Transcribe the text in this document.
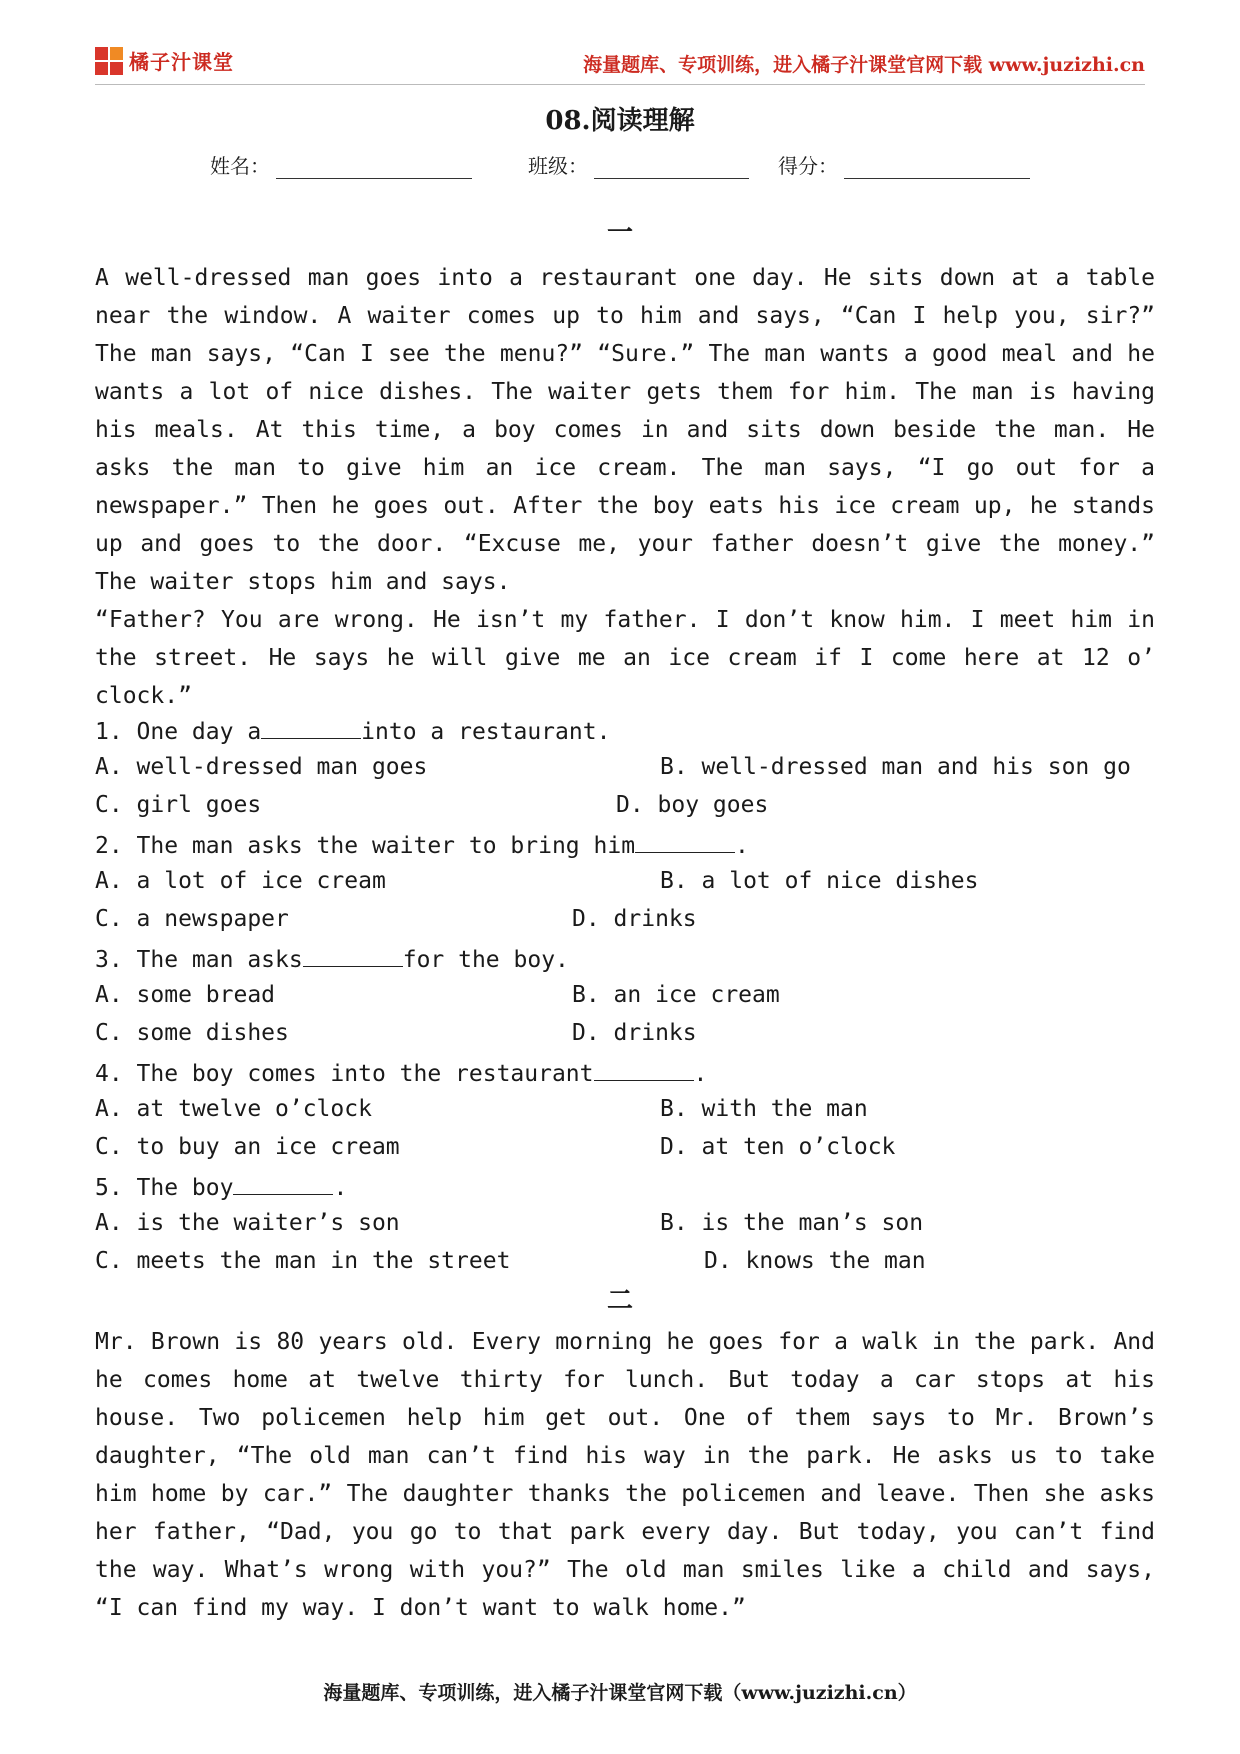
橘子汁课堂	海量题库、专项训练，进入橘子汁课堂官网下载 www.juzizhi.cn
08.阅读理解
姓名：	班级：	得分：
一

A well-dressed man goes into a restaurant one day. He sits down at a table near the window. A waiter comes up to him and says, “Can I help you, sir?” The man says, “Can I see the menu?” “Sure.” The man wants a good meal and he wants a lot of nice dishes. The waiter gets them for him. The man is having his meals. At this time, a boy comes in and sits down beside the man. He asks the man to give him an ice cream. The man says, “I go out for a newspaper.” Then he goes out. After the boy eats his ice cream up, he stands up and goes to the door. “Excuse me, your father doesn’t give the money.” The waiter stops him and says.

“Father? You are wrong. He isn’t my father. I don’t know him. I meet him in the street. He says he will give me an ice cream if I come here at 12 o’ clock.”

1. One day a	into a restaurant.
A. well-dressed man goes	B. well-dressed man and his son go
C. girl goes	D. boy goes
2. The man asks the waiter to bring him	.
A. a lot of ice cream	B. a lot of nice dishes
C. a newspaper	D. drinks
3. The man asks	for the boy.
A. some bread	B. an ice cream
C. some dishes	D. drinks
4. The boy comes into the restaurant	.
A. at twelve o’clock	B. with the man
C. to buy an ice cream	D. at ten o’clock
5. The boy	.
A. is the waiter’s son	B. is the man’s son
C. meets the man in the street	D. knows the man
二

Mr. Brown is 80 years old. Every morning he goes for a walk in the park. And he comes home at twelve thirty for lunch. But today a car stops at his house. Two policemen help him get out. One of them says to Mr. Brown’s daughter, “The old man can’t find his way in the park. He asks us to take him home by car.” The daughter thanks the policemen and leave. Then she asks her father, “Dad, you go to that park every day. But today, you can’t find the way. What’s wrong with you?” The old man smiles like a child and says, “I can find my way. I don’t want to walk home.”

海量题库、专项训练，进入橘子汁课堂官网下载（www.juzizhi.cn）
